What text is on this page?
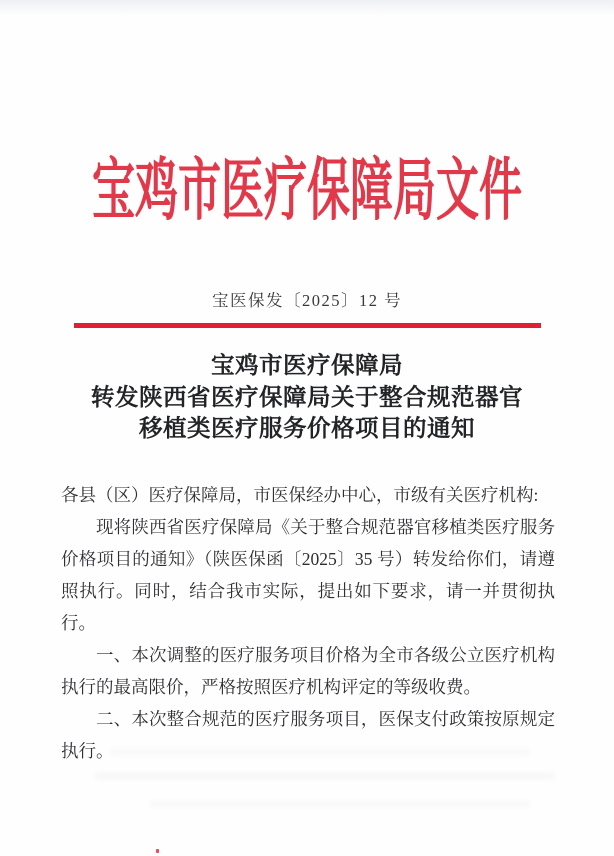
宝鸡市医疗保障局文件
宝医保发〔2025〕12 号
宝鸡市医疗保障局
转发陕西省医疗保障局关于整合规范器官
移植类医疗服务价格项目的通知

各县（区）医疗保障局，市医保经办中心，市级有关医疗机构:

现将陕西省医疗保障局《关于整合规范器官移植类医疗服务价格项目的通知》（陕医保函〔2025〕35 号）转发给你们，请遵照执行。同时，结合我市实际，提出如下要求，请一并贯彻执行。

一、本次调整的医疗服务项目价格为全市各级公立医疗机构执行的最高限价，严格按照医疗机构评定的等级收费。

二、本次整合规范的医疗服务项目，医保支付政策按原规定执行。
